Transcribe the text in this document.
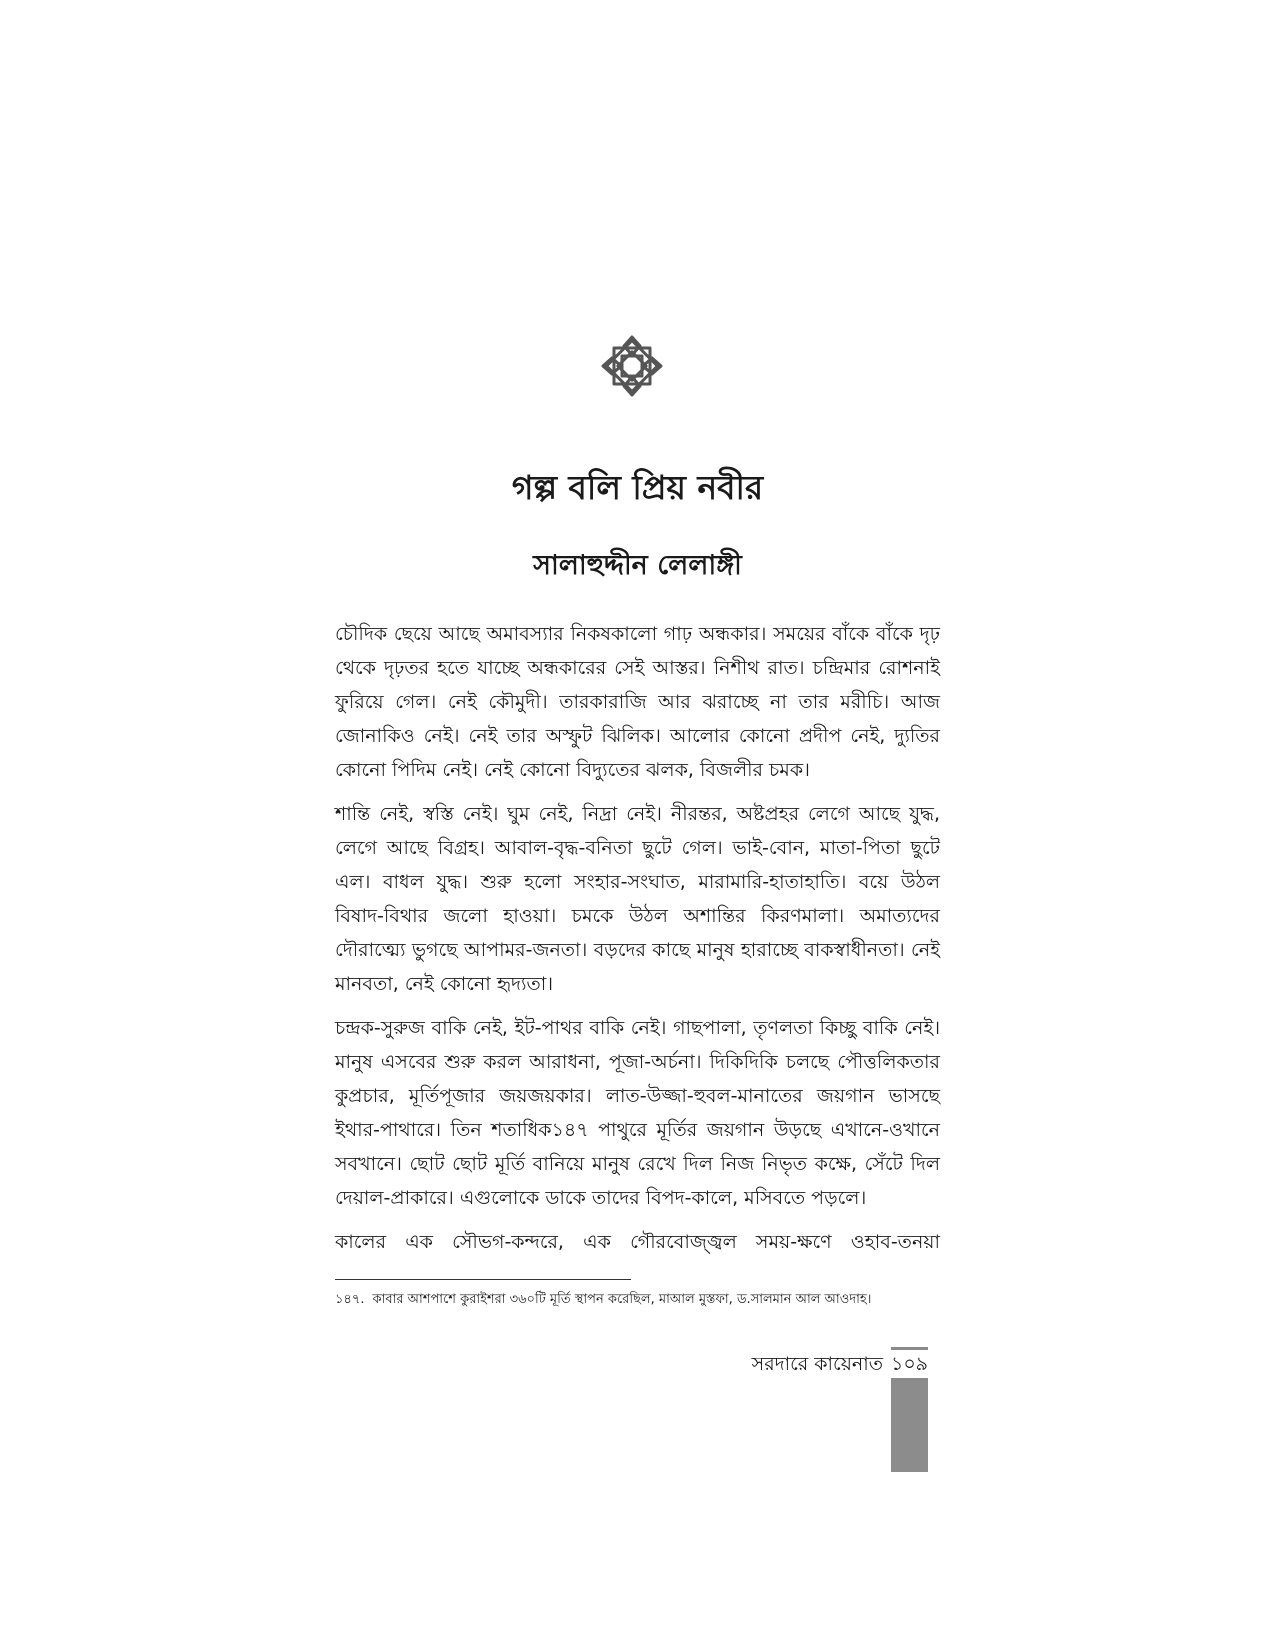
গল্প বলি প্রিয় নবীর
সালাহুদ্দীন লেলাঙ্গী

চৌদিক ছেয়ে আছে অমাবস্যার নিকষকালো গাঢ় অন্ধকার। সময়ের বাঁকে বাঁকে দৃঢ় থেকে দৃঢ়তর হতে যাচ্ছে অন্ধকারের সেই আস্তর। নিশীথ রাত। চন্দ্রিমার রোশনাই ফুরিয়ে গেল। নেই কৌমুদী। তারকারাজি আর ঝরাচ্ছে না তার মরীচি। আজ জোনাকিও নেই। নেই তার অস্ফুট ঝিলিক। আলোর কোনো প্রদীপ নেই, দ্যুতির কোনো পিদিম নেই। নেই কোনো বিদ্যুতের ঝলক, বিজলীর চমক।

শান্তি নেই, স্বস্তি নেই। ঘুম নেই, নিদ্রা নেই। নীরন্তর, অষ্টপ্রহর লেগে আছে যুদ্ধ, লেগে আছে বিগ্রহ। আবাল-বৃদ্ধ-বনিতা ছুটে গেল। ভাই-বোন, মাতা-পিতা ছুটে এল। বাধল যুদ্ধ। শুরু হলো সংহার-সংঘাত, মারামারি-হাতাহাতি। বয়ে উঠল বিষাদ-বিথার জলো হাওয়া। চমকে উঠল অশান্তির কিরণমালা। অমাত্যদের দৌরাত্ম্যে ভুগছে আপামর-জনতা। বড়দের কাছে মানুষ হারাচ্ছে বাকস্বাধীনতা। নেই মানবতা, নেই কোনো হৃদ্যতা।

চন্দ্রক-সুরুজ বাকি নেই, ইট-পাথর বাকি নেই। গাছপালা, তৃণলতা কিচ্ছু বাকি নেই। মানুষ এসবের শুরু করল আরাধনা, পূজা-অর্চনা। দিকিদিকি চলছে পৌত্তলিকতার কুপ্রচার, মূর্তিপূজার জয়জয়কার। লাত-উজ্জা-হুবল-মানাতের জয়গান ভাসছে ইথার-পাথারে। তিন শতাধিক১৪৭ পাথুরে মূর্তির জয়গান উড়ছে এখানে-ওখানে সবখানে। ছোট ছোট মূর্তি বানিয়ে মানুষ রেখে দিল নিজ নিভৃত কক্ষে, সেঁটে দিল দেয়াল-প্রাকারে। এগুলোকে ডাকে তাদের বিপদ-কালে, মসিবতে পড়লে।

কালের এক সৌভগ-কন্দরে, এক গৌরবোজ্জ্বল সময়-ক্ষণে ওহাব-তনয়া

১৪৭. কাবার আশপাশে কুরাইশরা ৩৬০টি মূর্তি স্থাপন করেছিল, মাআল মুস্তফা, ড.সালমান আল আওদাহ।
সরদারে কায়েনাত ১০৯
